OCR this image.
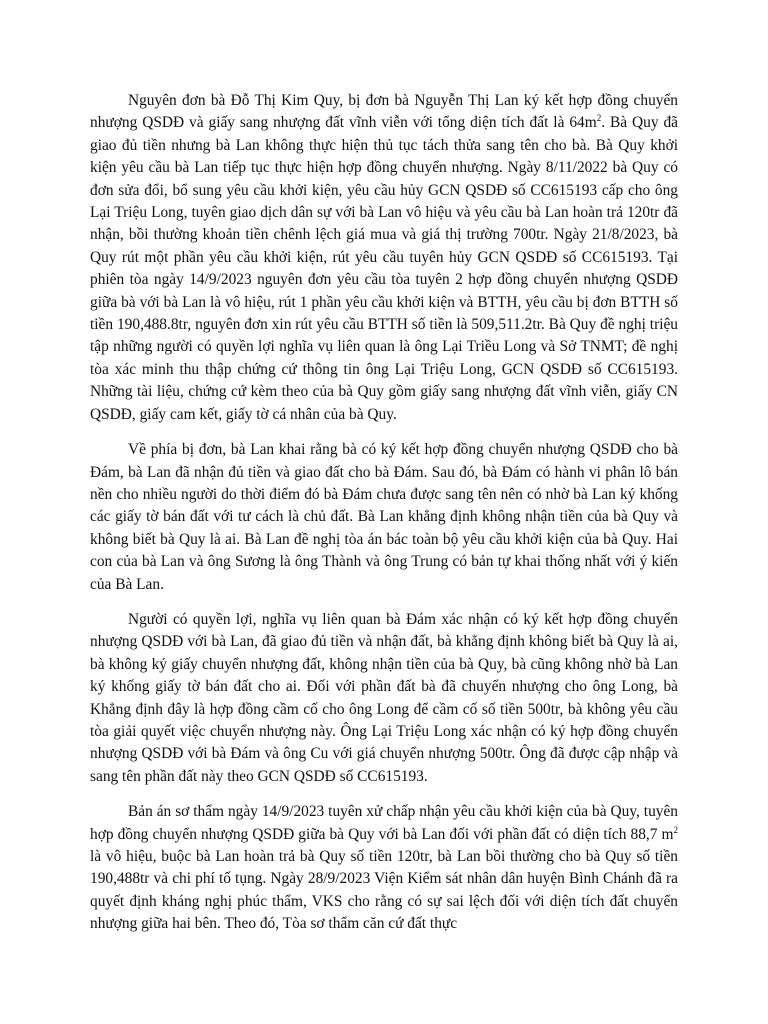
Nguyên đơn bà Đỗ Thị Kim Quy, bị đơn bà Nguyễn Thị Lan ký kết hợp đồng chuyển nhượng QSDĐ và giấy sang nhượng đất vĩnh viễn với tổng diện tích đất là $64m^2$. Bà Quy đã giao đủ tiền nhưng bà Lan không thực hiện thủ tục tách thửa sang tên cho bà. Bà Quy khởi kiện yêu cầu bà Lan tiếp tục thực hiện hợp đồng chuyển nhượng. Ngày 8/11/2022 bà Quy có đơn sửa đổi, bổ sung yêu cầu khởi kiện, yêu cầu hủy GCN QSDĐ số CC615193 cấp cho ông Lại Triệu Long, tuyên giao dịch dân sự với bà Lan vô hiệu và yêu cầu bà Lan hoàn trả 120tr đã nhận, bồi thường khoản tiền chênh lệch giá mua và giá thị trường 700tr. Ngày 21/8/2023, bà Quy rút một phần yêu cầu khởi kiện, rút yêu cầu tuyên hủy GCN QSDĐ số CC615193. Tại phiên tòa ngày 14/9/2023 nguyên đơn yêu cầu tòa tuyên 2 hợp đồng chuyển nhượng QSDĐ giữa bà với bà Lan là vô hiệu, rút 1 phần yêu cầu khởi kiện và BTTH, yêu cầu bị đơn BTTH số tiền 190,488.8tr, nguyên đơn xin rút yêu cầu BTTH số tiền là 509,511.2tr. Bà Quy đề nghị triệu tập những người có quyền lợi nghĩa vụ liên quan là ông Lại Triều Long và Sở TNMT; đề nghị tòa xác minh thu thập chứng cứ thông tin ông Lại Triệu Long, GCN QSDĐ số CC615193. Những tài liệu, chứng cứ kèm theo của bà Quy gồm giấy sang nhượng đất vĩnh viễn, giấy CN QSDĐ, giấy cam kết, giấy tờ cá nhân của bà Quy.

Về phía bị đơn, bà Lan khai rằng bà có ký kết hợp đồng chuyển nhượng QSDĐ cho bà Đám, bà Lan đã nhận đủ tiền và giao đất cho bà Đám. Sau đó, bà Đám có hành vi phân lô bán nền cho nhiều người do thời điểm đó bà Đám chưa được sang tên nên có nhờ bà Lan ký khống các giấy tờ bán đất với tư cách là chủ đất. Bà Lan khẳng định không nhận tiền của bà Quy và không biết bà Quy là ai. Bà Lan đề nghị tòa án bác toàn bộ yêu cầu khởi kiện của bà Quy. Hai con của bà Lan và ông Sương là ông Thành và ông Trung có bản tự khai thống nhất với ý kiến của Bà Lan.

Người có quyền lợi, nghĩa vụ liên quan bà Đám xác nhận có ký kết hợp đồng chuyển nhượng QSDĐ với bà Lan, đã giao đủ tiền và nhận đất, bà khẳng định không biết bà Quy là ai, bà không ký giấy chuyển nhượng đất, không nhận tiền của bà Quy, bà cũng không nhờ bà Lan ký khống giấy tờ bán đất cho ai. Đối với phần đất bà đã chuyển nhượng cho ông Long, bà Khẳng định đây là hợp đồng cầm cố cho ông Long để cầm cố số tiền 500tr, bà không yêu cầu tòa giải quyết việc chuyển nhượng này. Ông Lại Triệu Long xác nhận có ký hợp đồng chuyển nhượng QSDĐ với bà Đám và ông Cu với giá chuyển nhượng 500tr. Ông đã được cập nhập và sang tên phần đất này theo GCN QSDĐ số CC615193.

Bản án sơ thẩm ngày 14/9/2023 tuyên xử chấp nhận yêu cầu khởi kiện của bà Quy, tuyên hợp đồng chuyển nhượng QSDĐ giữa bà Quy với bà Lan đối với phần đất có diện tích 88,7 $m^2$ là vô hiệu, buộc bà Lan hoàn trả bà Quy số tiền 120tr, bà Lan bồi thường cho bà Quy số tiền 190,488tr và chi phí tố tụng. Ngày 28/9/2023 Viện Kiểm sát nhân dân huyện Bình Chánh đã ra quyết định kháng nghị phúc thẩm, VKS cho rằng có sự sai lệch đối với diện tích đất chuyển nhượng giữa hai bên. Theo đó, Tòa sơ thẩm căn cứ đất thực
